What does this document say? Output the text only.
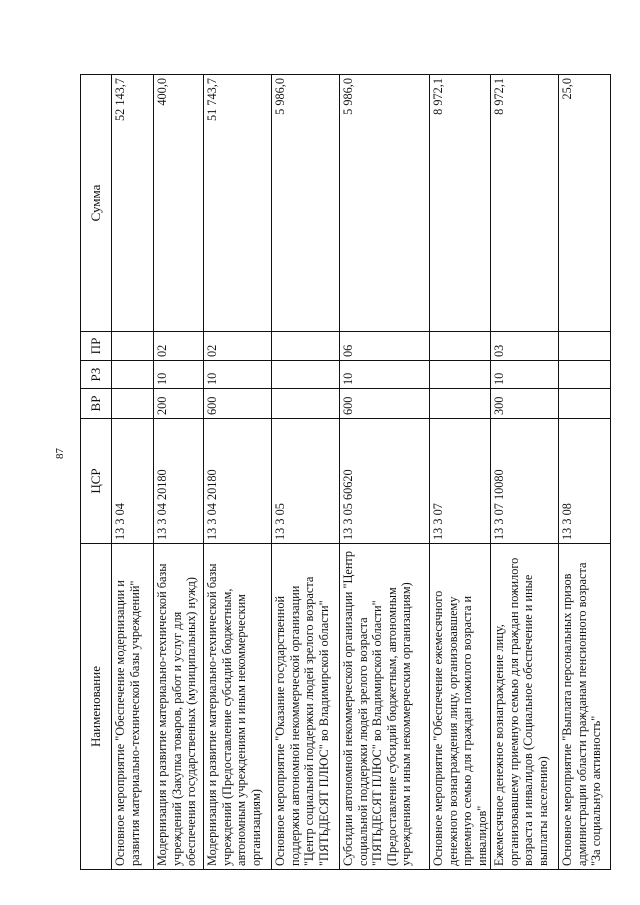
87
Наименование	ЦСР	ВР	РЗ	ПР	Сумма
Основное мероприятие "Обеспечение модернизации и развития материально-технической базы учреждений"	13 3 04				52 143,7
Модернизация и развитие материально-технической базы учреждений (Закупка товаров, работ и услуг для обеспечения государственных (муниципальных) нужд)	13 3 04 20180	200	10	02	400,0
Модернизация и развитие материально-технической базы учреждений (Предоставление субсидий бюджетным, автономным учреждениям и иным некоммерческим организациям)	13 3 04 20180	600	10	02	51 743,7
Основное мероприятие "Оказание государственной поддержки автономной некоммерческой организации "Центр социальной поддержки людей зрелого возраста "ПЯТЬДЕСЯТ ПЛЮС" во Владимирской области"	13 3 05				5 986,0
Субсидии автономной некоммерческой организации "Центр социальной поддержки людей зрелого возраста "ПЯТЬДЕСЯТ ПЛЮС" во Владимирской области" (Предоставление субсидий бюджетным, автономным учреждениям и иным некоммерческим организациям)	13 3 05 60620	600	10	06	5 986,0
Основное мероприятие "Обеспечение ежемесячного денежного вознаграждения лицу, организовавшему приемную семью для граждан пожилого возраста и инвалидов"	13 3 07				8 972,1
Ежемесячное денежное вознаграждение лицу, организовавшему приемную семью для граждан пожилого возраста и инвалидов (Социальное обеспечение и иные выплаты населению)	13 3 07 10080	300	10	03	8 972,1
Основное мероприятие "Выплата персональных призов администрации области гражданам пенсионного возраста "За социальную активность"	13 3 08				25,0
